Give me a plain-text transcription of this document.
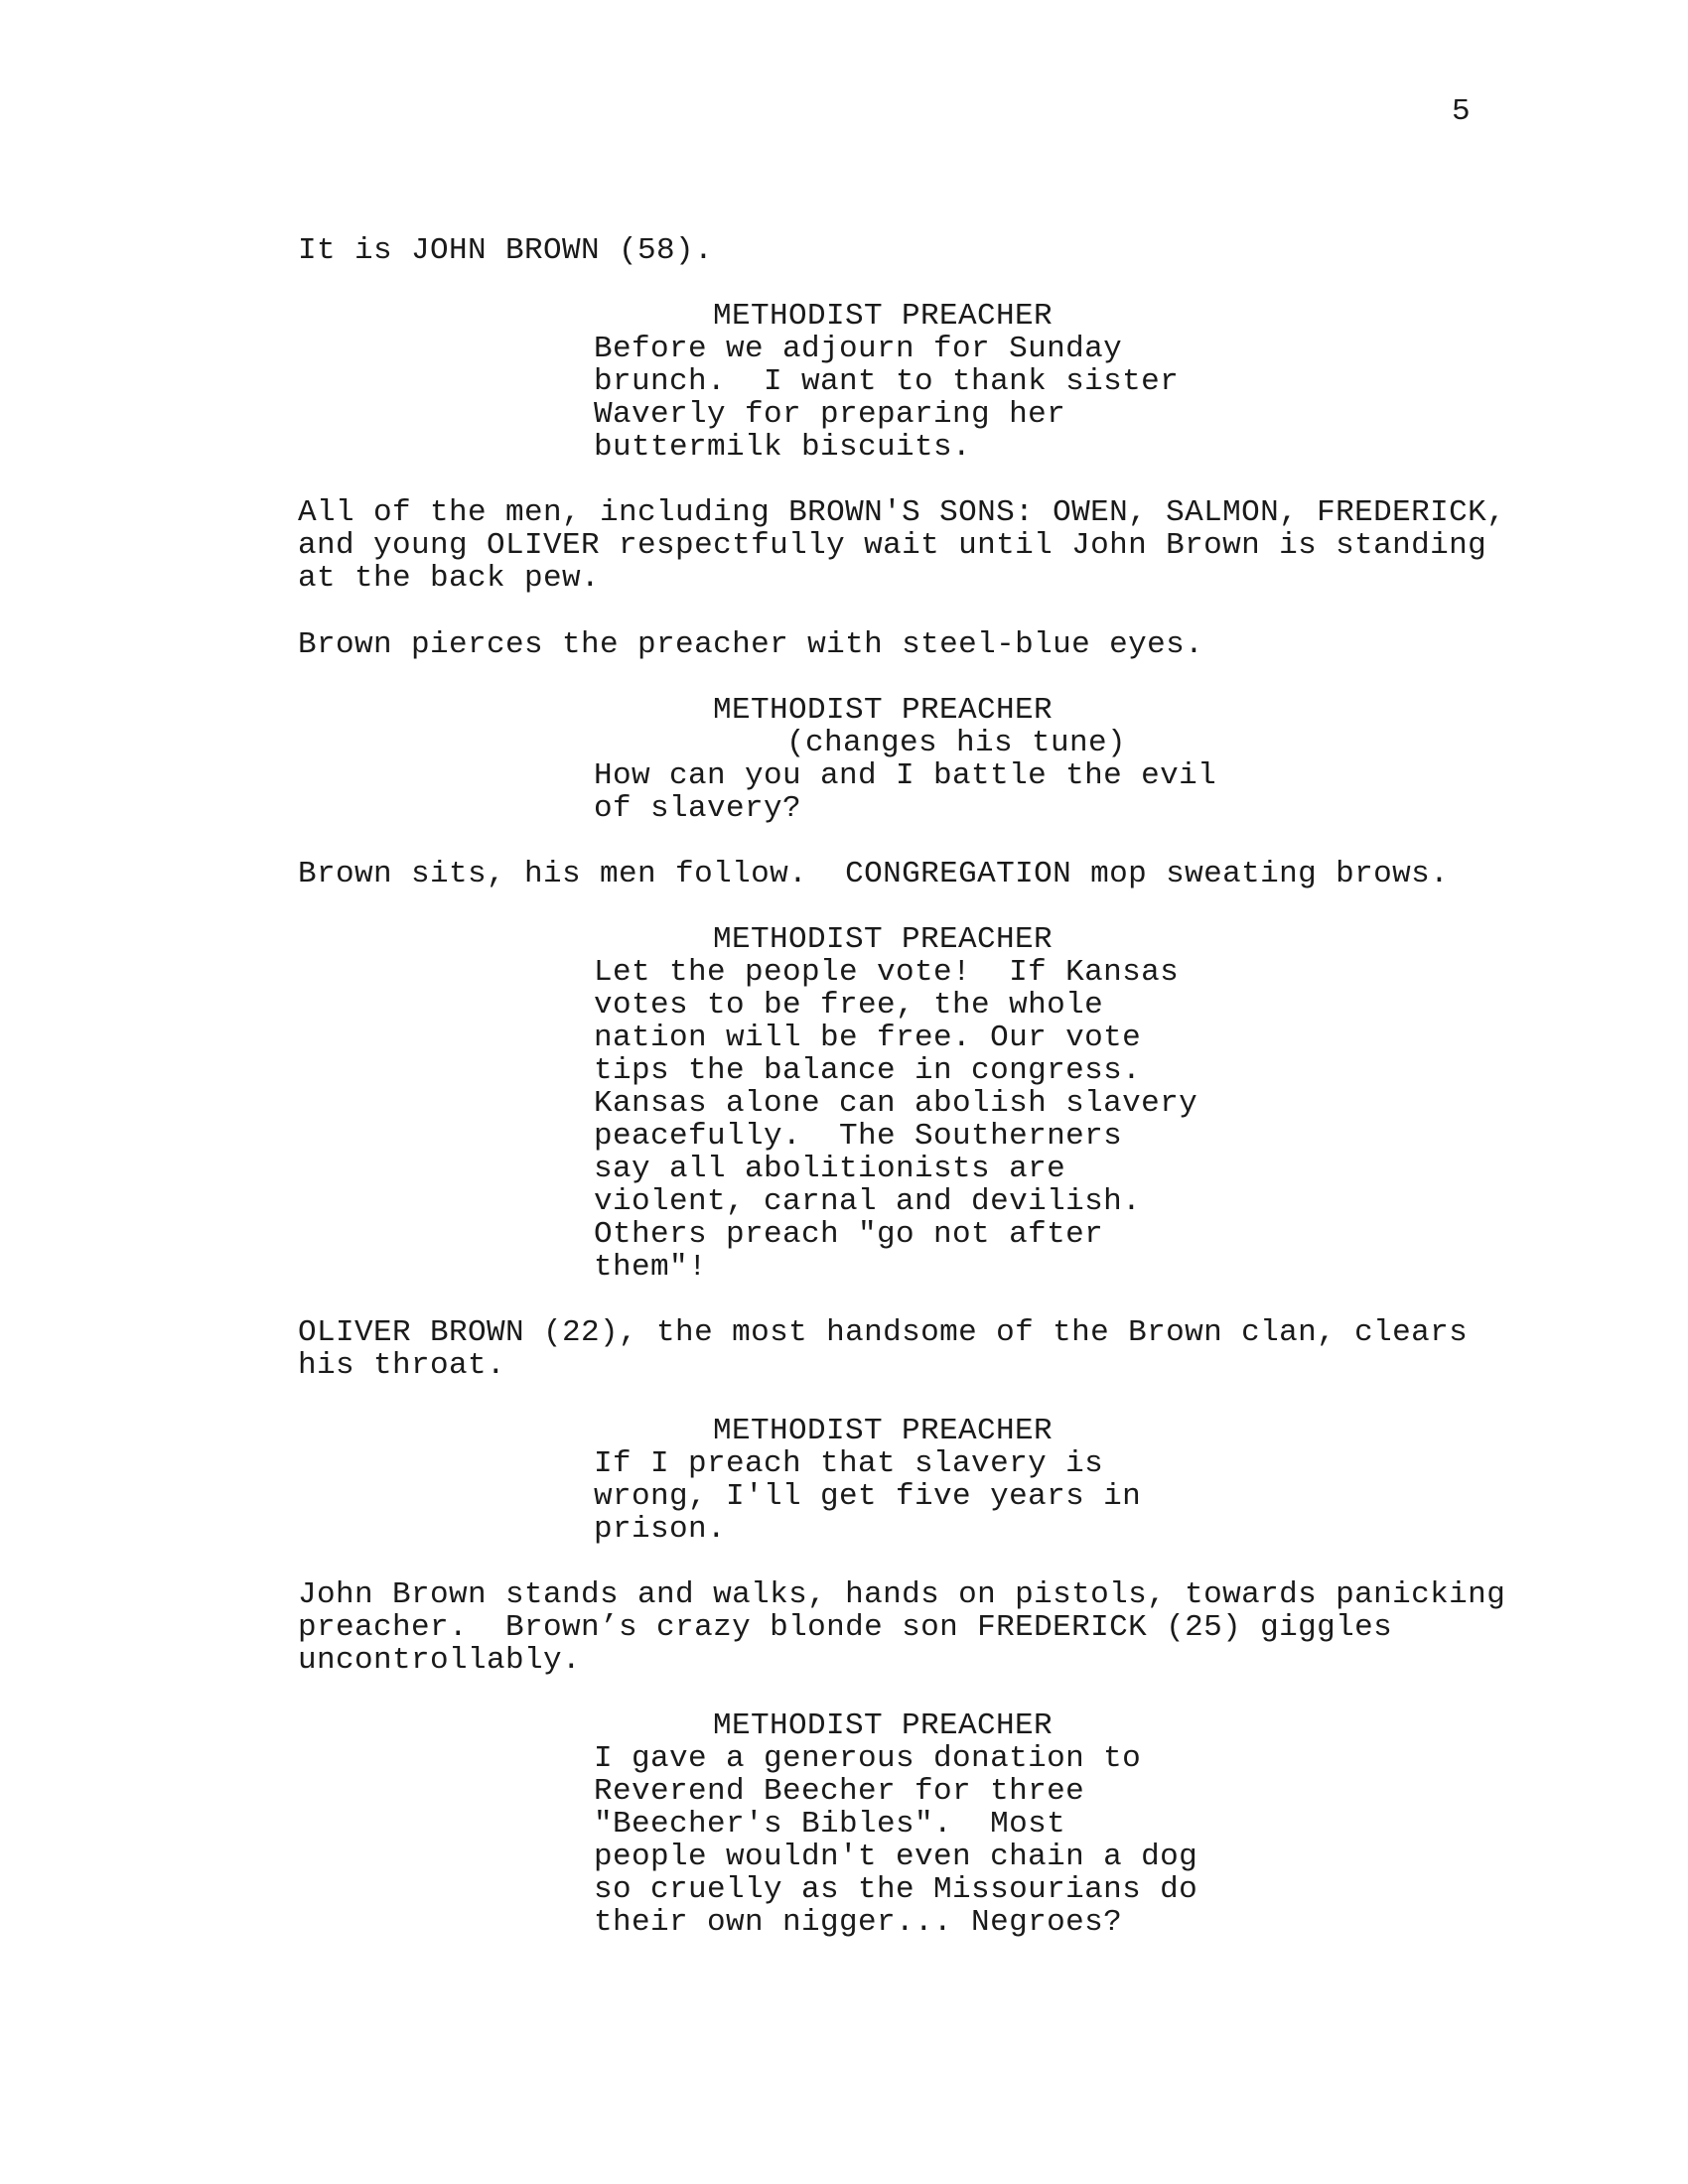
5
It is JOHN BROWN (58).
METHODIST PREACHER
Before we adjourn for Sunday
brunch.  I want to thank sister
Waverly for preparing her
buttermilk biscuits.
All of the men, including BROWN'S SONS: OWEN, SALMON, FREDERICK,
and young OLIVER respectfully wait until John Brown is standing
at the back pew.
Brown pierces the preacher with steel-blue eyes.
METHODIST PREACHER
(changes his tune)
How can you and I battle the evil
of slavery?
Brown sits, his men follow.  CONGREGATION mop sweating brows.
METHODIST PREACHER
Let the people vote!  If Kansas
votes to be free, the whole
nation will be free. Our vote
tips the balance in congress.
Kansas alone can abolish slavery
peacefully.  The Southerners
say all abolitionists are
violent, carnal and devilish.
Others preach "go not after
them"!
OLIVER BROWN (22), the most handsome of the Brown clan, clears
his throat.
METHODIST PREACHER
If I preach that slavery is
wrong, I'll get five years in
prison.
John Brown stands and walks, hands on pistols, towards panicking
preacher.  Brown’s crazy blonde son FREDERICK (25) giggles
uncontrollably.
METHODIST PREACHER
I gave a generous donation to
Reverend Beecher for three
"Beecher's Bibles".  Most
people wouldn't even chain a dog
so cruelly as the Missourians do
their own nigger... Negroes?
